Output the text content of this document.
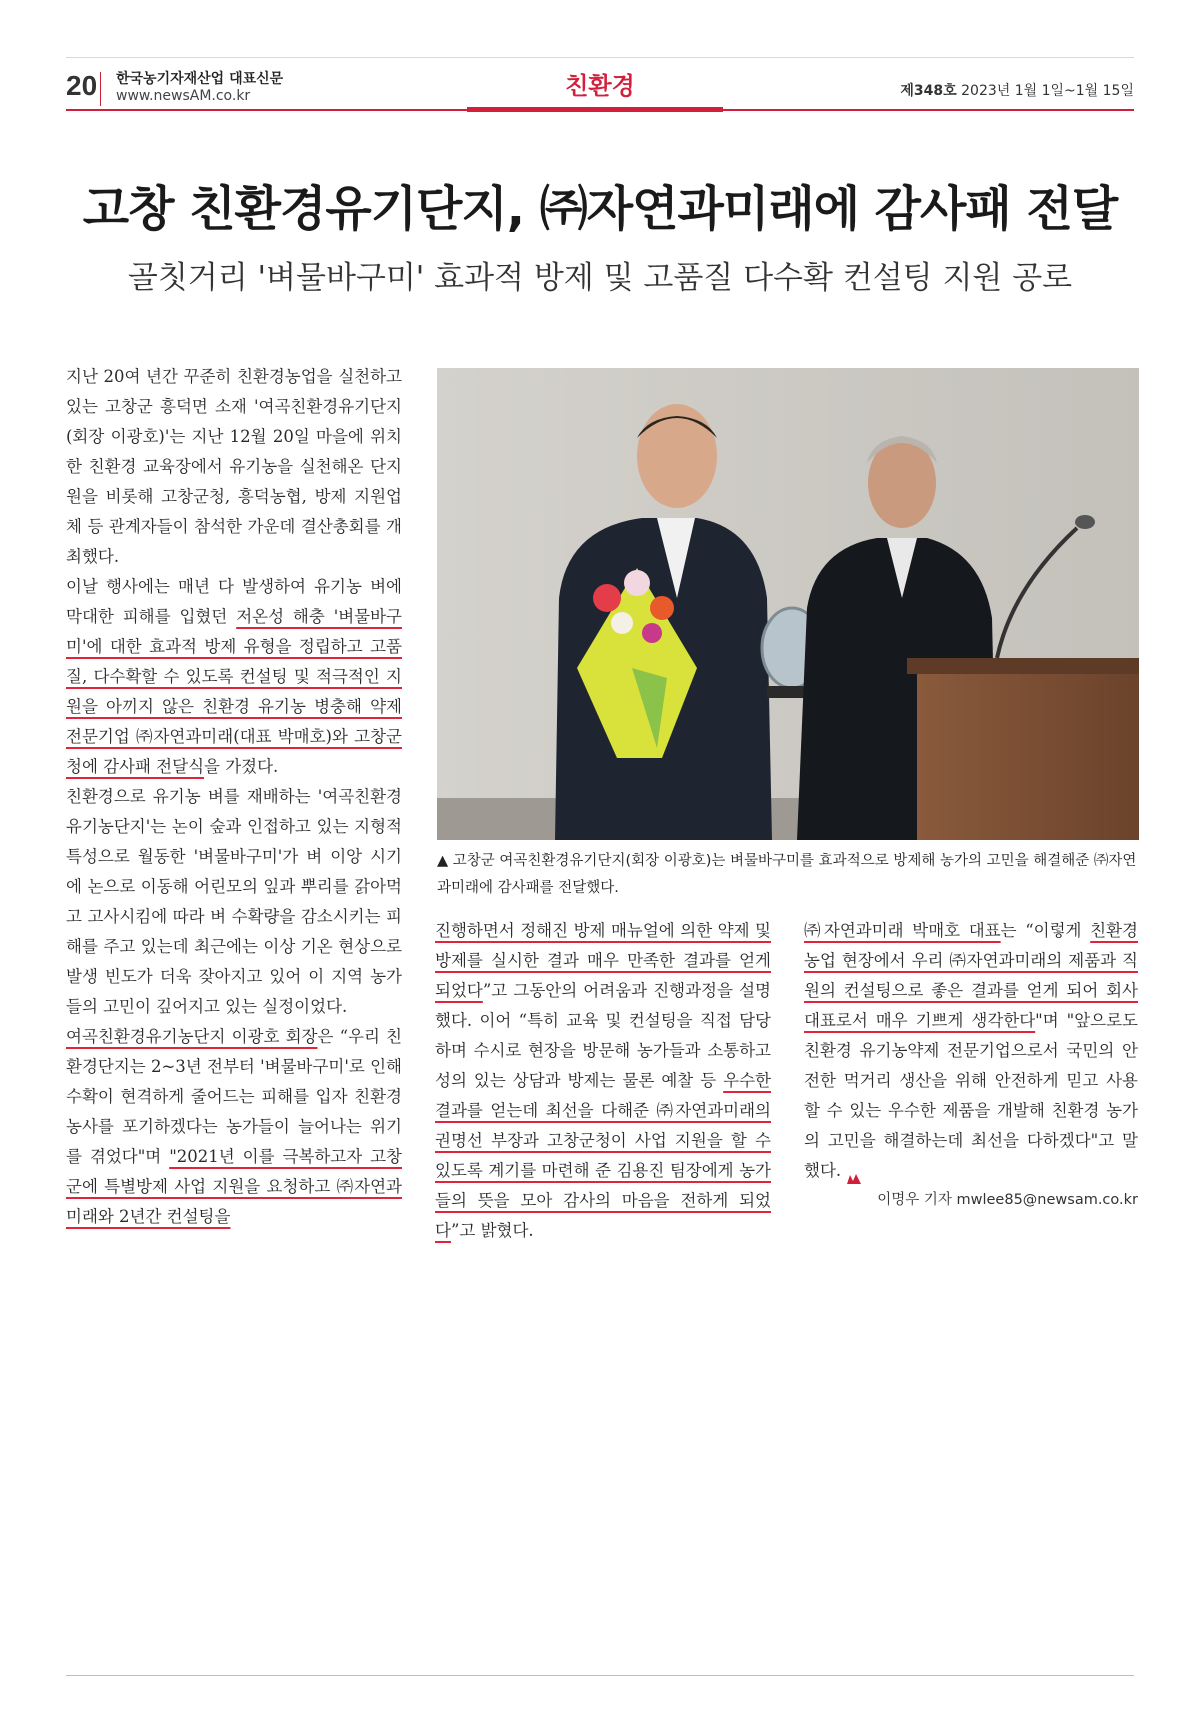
20 한국농기자재산업 대표신문
www.newsAM.co.kr	친환경	제348호 2023년 1월 1일~1월 15일
고창 친환경유기단지, ㈜자연과미래에 감사패 전달
골칫거리 '벼물바구미' 효과적 방제 및 고품질 다수확 컨설팅 지원 공로

지난 20여 년간 꾸준히 친환경농업을 실천하고 있는 고창군 흥덕면 소재 '여곡친환경유기단지(회장 이광호)'는 지난 12월 20일 마을에 위치한 친환경 교육장에서 유기농을 실천해온 단지원을 비롯해 고창군청, 흥덕농협, 방제 지원업체 등 관계자들이 참석한 가운데 결산총회를 개최했다.

이날 행사에는 매년 다 발생하여 유기농 벼에 막대한 피해를 입혔던 저온성 해충 '벼물바구미'에 대한 효과적 방제 유형을 정립하고 고품질, 다수확할 수 있도록 컨설팅 및 적극적인 지원을 아끼지 않은 친환경 유기농 병충해 약제 전문기업 ㈜자연과미래(대표 박매호)와 고창군청에 감사패 전달식을 가졌다.

친환경으로 유기농 벼를 재배하는 '여곡친환경유기농단지'는 논이 숲과 인접하고 있는 지형적 특성으로 월동한 '벼물바구미'가 벼 이앙 시기에 논으로 이동해 어린모의 잎과 뿌리를 갉아먹고 고사시킴에 따라 벼 수확량을 감소시키는 피해를 주고 있는데 최근에는 이상 기온 현상으로 발생 빈도가 더욱 잦아지고 있어 이 지역 농가들의 고민이 깊어지고 있는 실정이었다.

여곡친환경유기농단지 이광호 회장은 “우리 친환경단지는 2~3년 전부터 '벼물바구미'로 인해 수확이 현격하게 줄어드는 피해를 입자 친환경 농사를 포기하겠다는 농가들이 늘어나는 위기를 겪었다"며 "2021년 이를 극복하고자 고창군에 특별방제 사업 지원을 요청하고 ㈜자연과미래와 2년간 컨설팅을

▲ 고창군 여곡친환경유기단지(회장 이광호)는 벼물바구미를 효과적으로 방제해 농가의 고민을 해결해준 ㈜자연과미래에 감사패를 전달했다.

진행하면서 정해진 방제 매뉴얼에 의한 약제 및 방제를 실시한 결과 매우 만족한 결과를 얻게 되었다”고 그동안의 어려움과 진행과정을 설명했다. 이어 “특히 교육 및 컨설팅을 직접 담당하며 수시로 현장을 방문해 농가들과 소통하고 성의 있는 상담과 방제는 물론 예찰 등 우수한 결과를 얻는데 최선을 다해준 ㈜자연과미래의 권명선 부장과 고창군청이 사업 지원을 할 수 있도록 계기를 마련해 준 김용진 팀장에게 농가들의 뜻을 모아 감사의 마음을 전하게 되었다”고 밝혔다.

㈜자연과미래 박매호 대표는 “이렇게 친환경 농업 현장에서 우리 ㈜자연과미래의 제품과 직원의 컨설팅으로 좋은 결과를 얻게 되어 회사 대표로서 매우 기쁘게 생각한다"며 "앞으로도 친환경 유기농약제 전문기업으로서 국민의 안전한 먹거리 생산을 위해 안전하게 믿고 사용할 수 있는 우수한 제품을 개발해 친환경 농가의 고민을 해결하는데 최선을 다하겠다"고 말했다.

이명우 기자 mwlee85@newsam.co.kr
